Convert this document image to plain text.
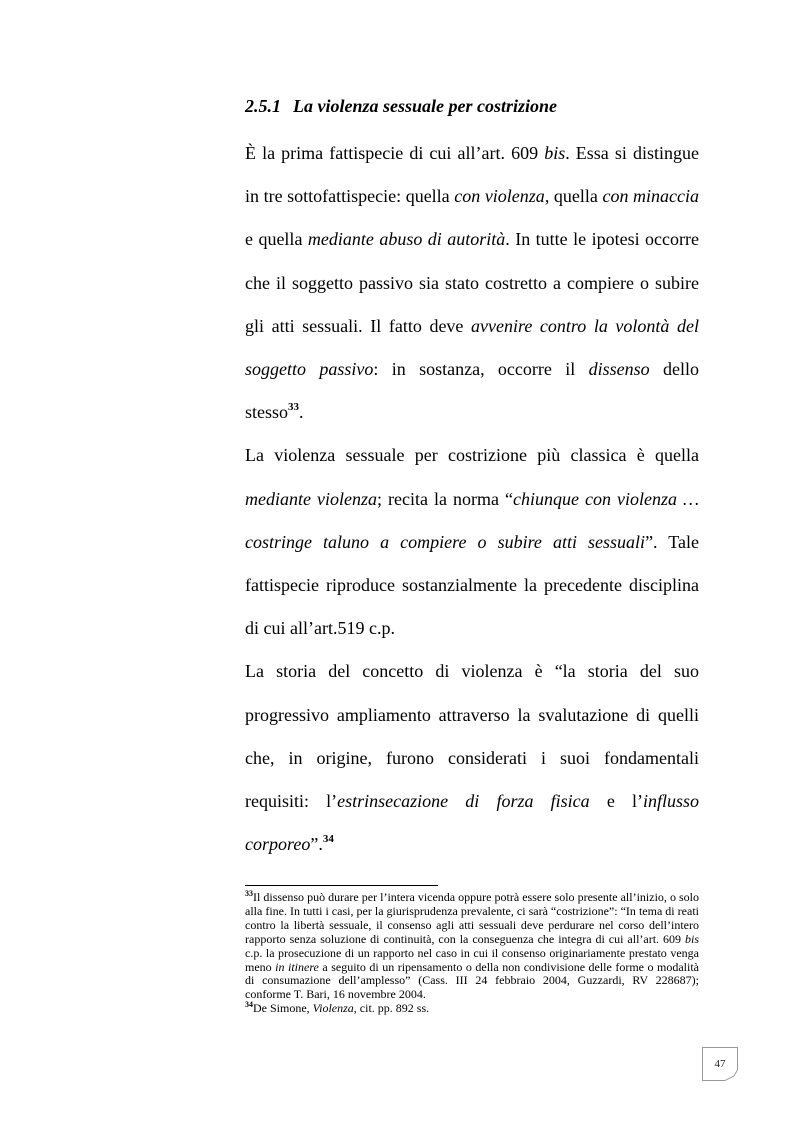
2.5.1 La violenza sessuale per costrizione

È la prima fattispecie di cui all’art. 609 bis. Essa si distingue in tre sottofattispecie: quella con violenza, quella con minaccia e quella mediante abuso di autorità. In tutte le ipotesi occorre che il soggetto passivo sia stato costretto a compiere o subire gli atti sessuali. Il fatto deve avvenire contro la volontà del soggetto passivo: in sostanza, occorre il dissenso dello stesso$^{33}$.

La violenza sessuale per costrizione più classica è quella mediante violenza; recita la norma “chiunque con violenza … costringe taluno a compiere o subire atti sessuali”. Tale fattispecie riproduce sostanzialmente la precedente disciplina di cui all’art.519 c.p.

La storia del concetto di violenza è “la storia del suo progressivo ampliamento attraverso la svalutazione di quelli che, in origine, furono considerati i suoi fondamentali requisiti: l’estrinsecazione di forza fisica e l’influsso corporeo”.$^{34}$

$^{33}$Il dissenso può durare per l’intera vicenda oppure potrà essere solo presente all’inizio, o solo alla fine. In tutti i casi, per la giurisprudenza prevalente, ci sarà “costrizione”: “In tema di reati contro la libertà sessuale, il consenso agli atti sessuali deve perdurare nel corso dell’intero rapporto senza soluzione di continuità, con la conseguenza che integra di cui all’art. 609 bis c.p. la prosecuzione di un rapporto nel caso in cui il consenso originariamente prestato venga meno in itinere a seguito di un ripensamento o della non condivisione delle forme o modalità di consumazione dell’amplesso” (Cass. III 24 febbraio 2004, Guzzardi, RV 228687); conforme T. Bari, 16 novembre 2004.

$^{34}$De Simone, Violenza, cit. pp. 892 ss.

47
